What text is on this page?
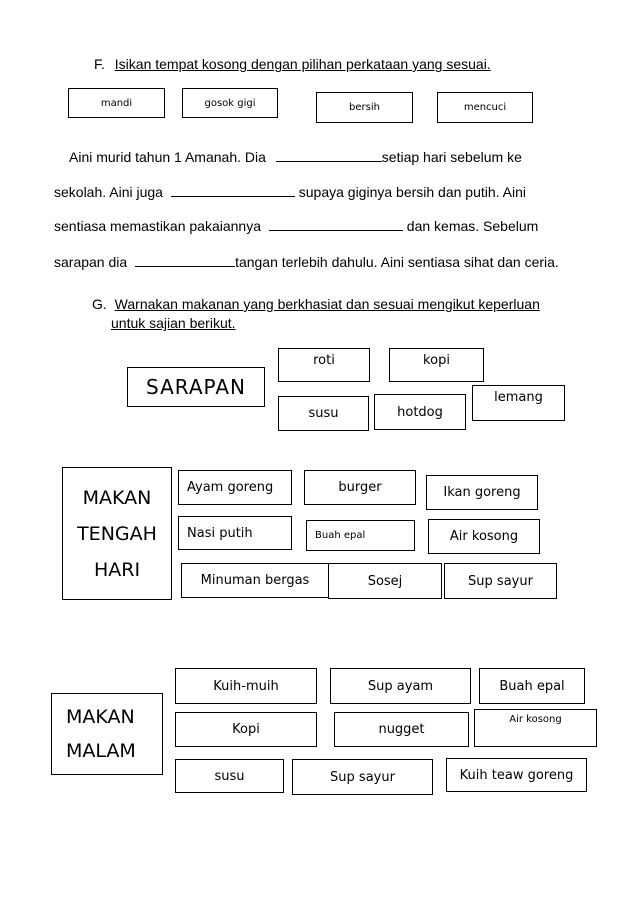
F. Isikan tempat kosong dengan pilihan perkataan yang sesuai.
mandi	gosok gigi	bersih	mencuci
Aini murid tahun 1 Amanah. Dia	setiap hari sebelum ke
sekolah. Aini juga	supaya giginya bersih dan putih. Aini
sentiasa memastikan pakaiannya	dan kemas. Sebelum
sarapan dia	tangan terlebih dahulu. Aini sentiasa sihat dan ceria.
G. Warnakan makanan yang berkhasiat dan sesuai mengikut keperluan
untuk sajian berikut.
SARAPAN
roti	kopi
susu	hotdog
lemang
MAKAN
TENGAH
HARI
Ayam goreng	burger	Ikan goreng
Nasi putih	Buah epal	Air kosong
Minuman bergas	Sosej	Sup sayur
MAKAN
MALAM
Kuih-muih	Sup ayam	Buah epal
Kopi	nugget
Air kosong
susu	Sup sayur	Kuih teaw goreng
